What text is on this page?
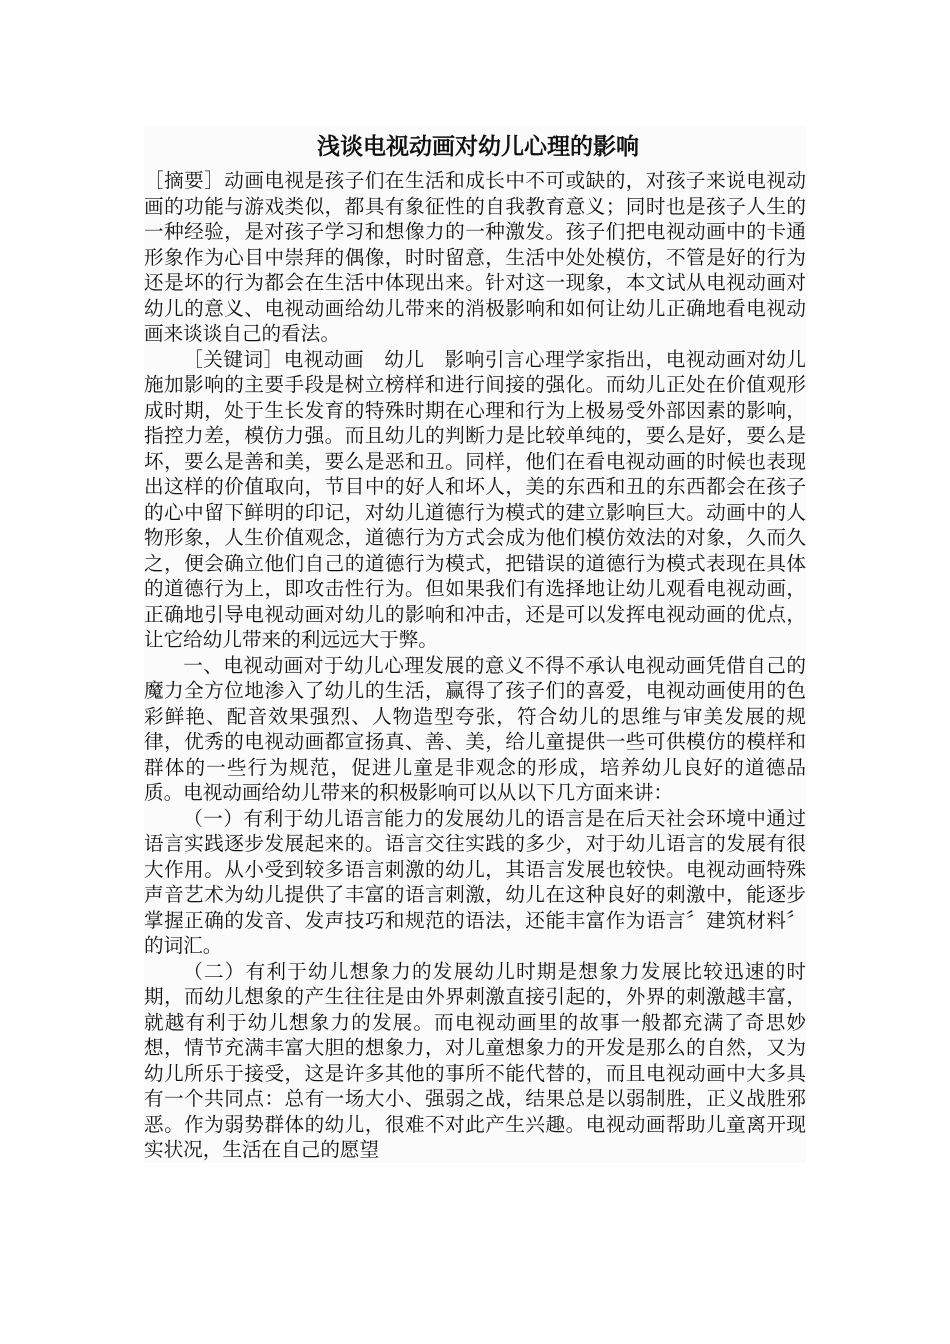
浅谈电视动画对幼儿心理的影响

［摘要］动画电视是孩子们在生活和成长中不可或缺的，对孩子来说电视动画的功能与游戏类似，都具有象征性的自我教育意义；同时也是孩子人生的一种经验，是对孩子学习和想像力的一种激发。孩子们把电视动画中的卡通形象作为心目中崇拜的偶像，时时留意，生活中处处模仿，不管是好的行为还是坏的行为都会在生活中体现出来。针对这一现象，本文试从电视动画对幼儿的意义、电视动画给幼儿带来的消极影响和如何让幼儿正确地看电视动画来谈谈自己的看法。

［关键词］电视动画　幼儿　影响引言心理学家指出，电视动画对幼儿施加影响的主要手段是树立榜样和进行间接的强化。而幼儿正处在价值观形成时期，处于生长发育的特殊时期在心理和行为上极易受外部因素的影响，指控力差，模仿力强。而且幼儿的判断力是比较单纯的，要么是好，要么是坏，要么是善和美，要么是恶和丑。同样，他们在看电视动画的时候也表现出这样的价值取向，节目中的好人和坏人，美的东西和丑的东西都会在孩子的心中留下鲜明的印记，对幼儿道德行为模式的建立影响巨大。动画中的人物形象，人生价值观念，道德行为方式会成为他们模仿效法的对象，久而久之，便会确立他们自己的道德行为模式，把错误的道德行为模式表现在具体的道德行为上，即攻击性行为。但如果我们有选择地让幼儿观看电视动画，正确地引导电视动画对幼儿的影响和冲击，还是可以发挥电视动画的优点，让它给幼儿带来的利远远大于弊。

一、电视动画对于幼儿心理发展的意义不得不承认电视动画凭借自己的魔力全方位地渗入了幼儿的生活，赢得了孩子们的喜爱，电视动画使用的色彩鲜艳、配音效果强烈、人物造型夸张，符合幼儿的思维与审美发展的规律，优秀的电视动画都宣扬真、善、美，给儿童提供一些可供模仿的模样和群体的一些行为规范，促进儿童是非观念的形成，培养幼儿良好的道德品质。电视动画给幼儿带来的积极影响可以从以下几方面来讲：

（一）有利于幼儿语言能力的发展幼儿的语言是在后天社会环境中通过语言实践逐步发展起来的。语言交往实践的多少，对于幼儿语言的发展有很大作用。从小受到较多语言刺激的幼儿，其语言发展也较快。电视动画特殊声音艺术为幼儿提供了丰富的语言刺激，幼儿在这种良好的刺激中，能逐步掌握正确的发音、发声技巧和规范的语法，还能丰富作为语言〞建筑材料〞的词汇。

（二）有利于幼儿想象力的发展幼儿时期是想象力发展比较迅速的时期，而幼儿想象的产生往往是由外界刺激直接引起的，外界的刺激越丰富，就越有利于幼儿想象力的发展。而电视动画里的故事一般都充满了奇思妙想，情节充满丰富大胆的想象力，对儿童想象力的开发是那么的自然，又为幼儿所乐于接受，这是许多其他的事所不能代替的，而且电视动画中大多具有一个共同点：总有一场大小、强弱之战，结果总是以弱制胜，正义战胜邪恶。作为弱势群体的幼儿，很难不对此产生兴趣。电视动画帮助儿童离开现实状况，生活在自己的愿望
